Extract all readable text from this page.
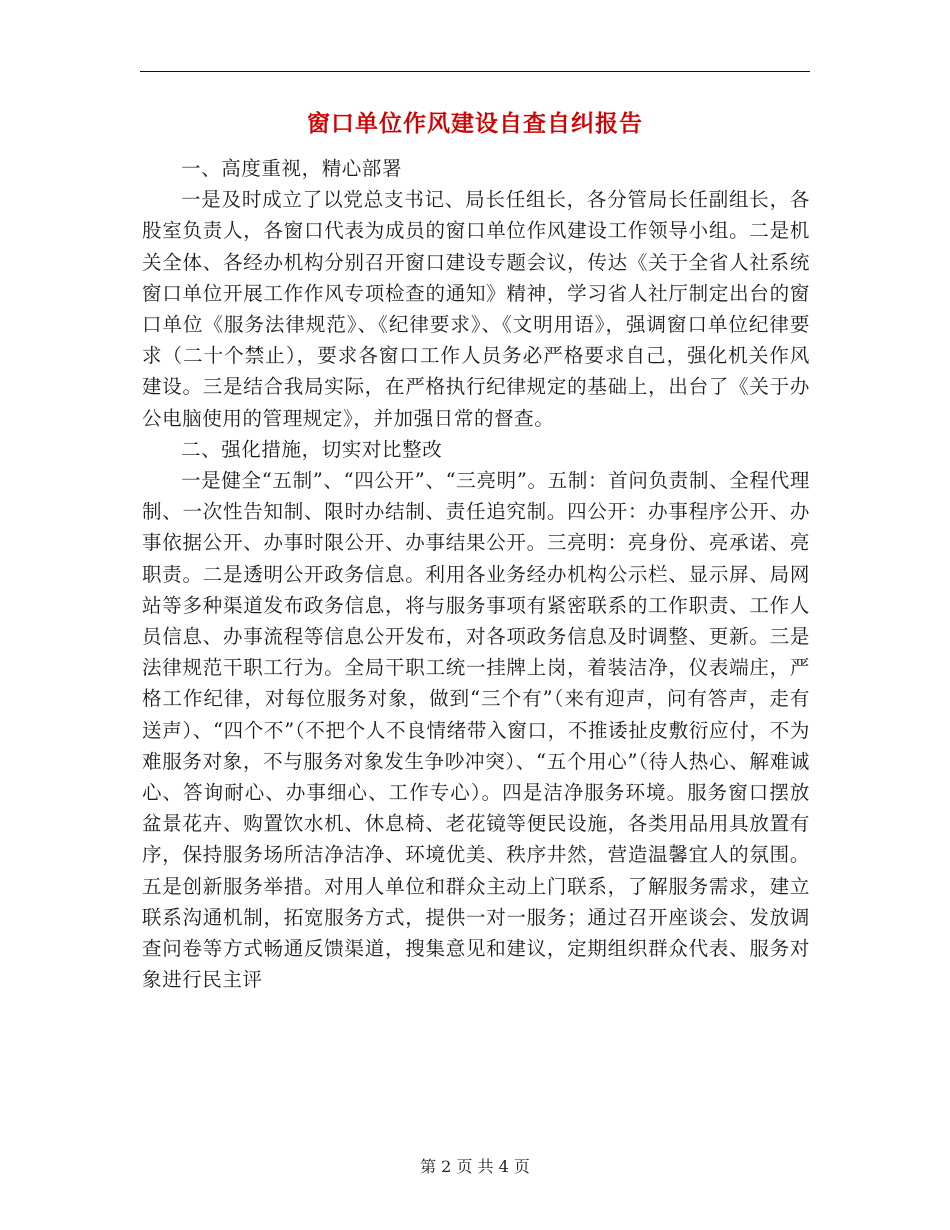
窗口单位作风建设自查自纠报告

一、高度重视，精心部署

一是及时成立了以党总支书记、局长任组长，各分管局长任副组长，各股室负责人，各窗口代表为成员的窗口单位作风建设工作领导小组。二是机关全体、各经办机构分别召开窗口建设专题会议，传达《关于全省人社系统窗口单位开展工作作风专项检查的通知》精神，学习省人社厅制定出台的窗口单位《服务法律规范》、《纪律要求》、《文明用语》，强调窗口单位纪律要求（二十个禁止），要求各窗口工作人员务必严格要求自己，强化机关作风建设。三是结合我局实际，在严格执行纪律规定的基础上，出台了《关于办公电脑使用的管理规定》，并加强日常的督查。

二、强化措施，切实对比整改

一是健全“五制”、“四公开”、“三亮明”。五制：首问负责制、全程代理制、一次性告知制、限时办结制、责任追究制。四公开：办事程序公开、办事依据公开、办事时限公开、办事结果公开。三亮明：亮身份、亮承诺、亮职责。二是透明公开政务信息。利用各业务经办机构公示栏、显示屏、局网站等多种渠道发布政务信息，将与服务事项有紧密联系的工作职责、工作人员信息、办事流程等信息公开发布，对各项政务信息及时调整、更新。三是法律规范干职工行为。全局干职工统一挂牌上岗，着装洁净，仪表端庄，严格工作纪律，对每位服务对象，做到“三个有”（来有迎声，问有答声，走有送声）、“四个不”（不把个人不良情绪带入窗口，不推诿扯皮敷衍应付，不为难服务对象，不与服务对象发生争吵冲突）、“五个用心”（待人热心、解难诚心、答询耐心、办事细心、工作专心）。四是洁净服务环境。服务窗口摆放盆景花卉、购置饮水机、休息椅、老花镜等便民设施，各类用品用具放置有序，保持服务场所洁净洁净、环境优美、秩序井然，营造温馨宜人的氛围。五是创新服务举措。对用人单位和群众主动上门联系，了解服务需求，建立联系沟通机制，拓宽服务方式，提供一对一服务；通过召开座谈会、发放调查问卷等方式畅通反馈渠道，搜集意见和建议，定期组织群众代表、服务对象进行民主评

第 2 页 共 4 页
